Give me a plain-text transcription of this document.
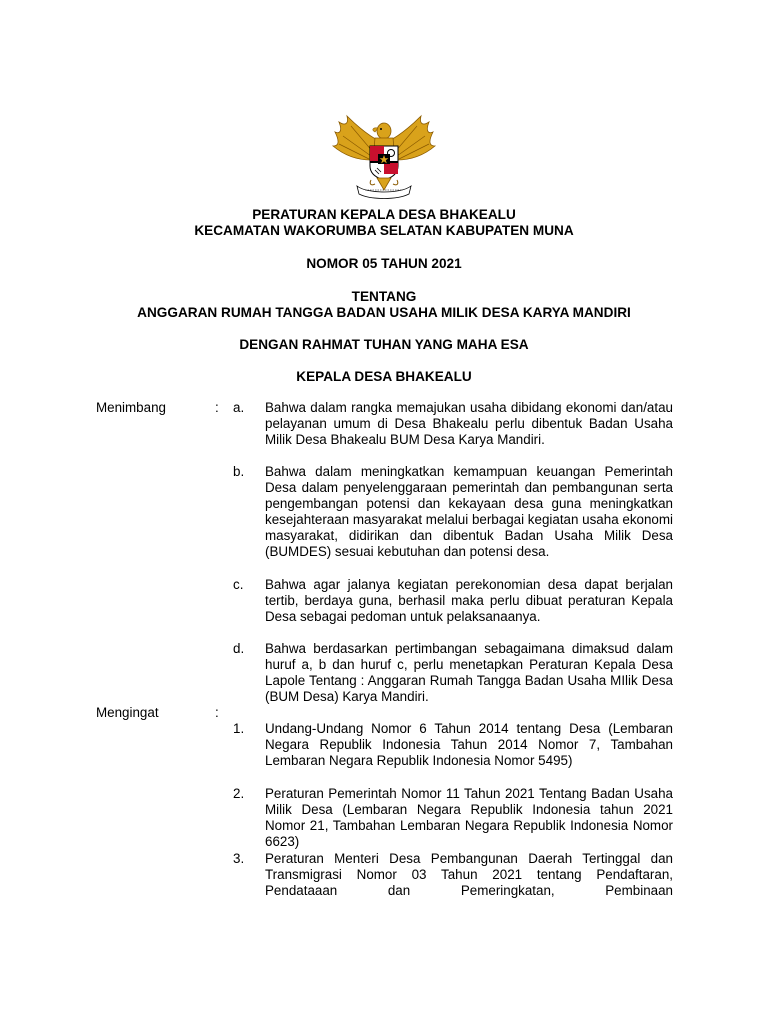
PERATURAN KEPALA DESA BHAKEALU
KECAMATAN WAKORUMBA SELATAN KABUPATEN MUNA
NOMOR 05 TAHUN 2021
TENTANG
ANGGARAN RUMAH TANGGA BADAN USAHA MILIK DESA KARYA MANDIRI
DENGAN RAHMAT TUHAN YANG MAHA ESA
KEPALA DESA BHAKEALU
Menimbang	: a. Bahwa dalam rangka memajukan usaha dibidang ekonomi dan/atau pelayanan umum di Desa Bhakealu perlu dibentuk Badan Usaha Milik Desa Bhakealu BUM Desa Karya Mandiri.
b. Bahwa dalam meningkatkan kemampuan keuangan Pemerintah Desa dalam penyelenggaraan pemerintah dan pembangunan serta pengembangan potensi dan kekayaan desa guna meningkatkan kesejahteraan masyarakat melalui berbagai kegiatan usaha ekonomi masyarakat, didirikan dan dibentuk Badan Usaha Milik Desa (BUMDES) sesuai kebutuhan dan potensi desa.
c. Bahwa agar jalanya kegiatan perekonomian desa dapat berjalan tertib, berdaya guna, berhasil maka perlu dibuat peraturan Kepala Desa sebagai pedoman untuk pelaksanaanya.
d. Bahwa berdasarkan pertimbangan sebagaimana dimaksud dalam huruf a, b dan huruf c, perlu menetapkan Peraturan Kepala Desa Lapole Tentang : Anggaran Rumah Tangga Badan Usaha MIlik Desa (BUM Desa) Karya Mandiri.
Mengingat	:
1. Undang-Undang Nomor 6 Tahun 2014 tentang Desa (Lembaran Negara Republik Indonesia Tahun 2014 Nomor 7, Tambahan Lembaran Negara Republik Indonesia Nomor 5495)
2. Peraturan Pemerintah Nomor 11 Tahun 2021 Tentang Badan Usaha Milik Desa (Lembaran Negara Republik Indonesia tahun 2021 Nomor 21, Tambahan Lembaran Negara Republik Indonesia Nomor 6623)
3. Peraturan Menteri Desa Pembangunan Daerah Tertinggal dan Transmigrasi Nomor 03 Tahun 2021 tentang Pendaftaran, Pendataaan dan Pemeringkatan, Pembinaan
